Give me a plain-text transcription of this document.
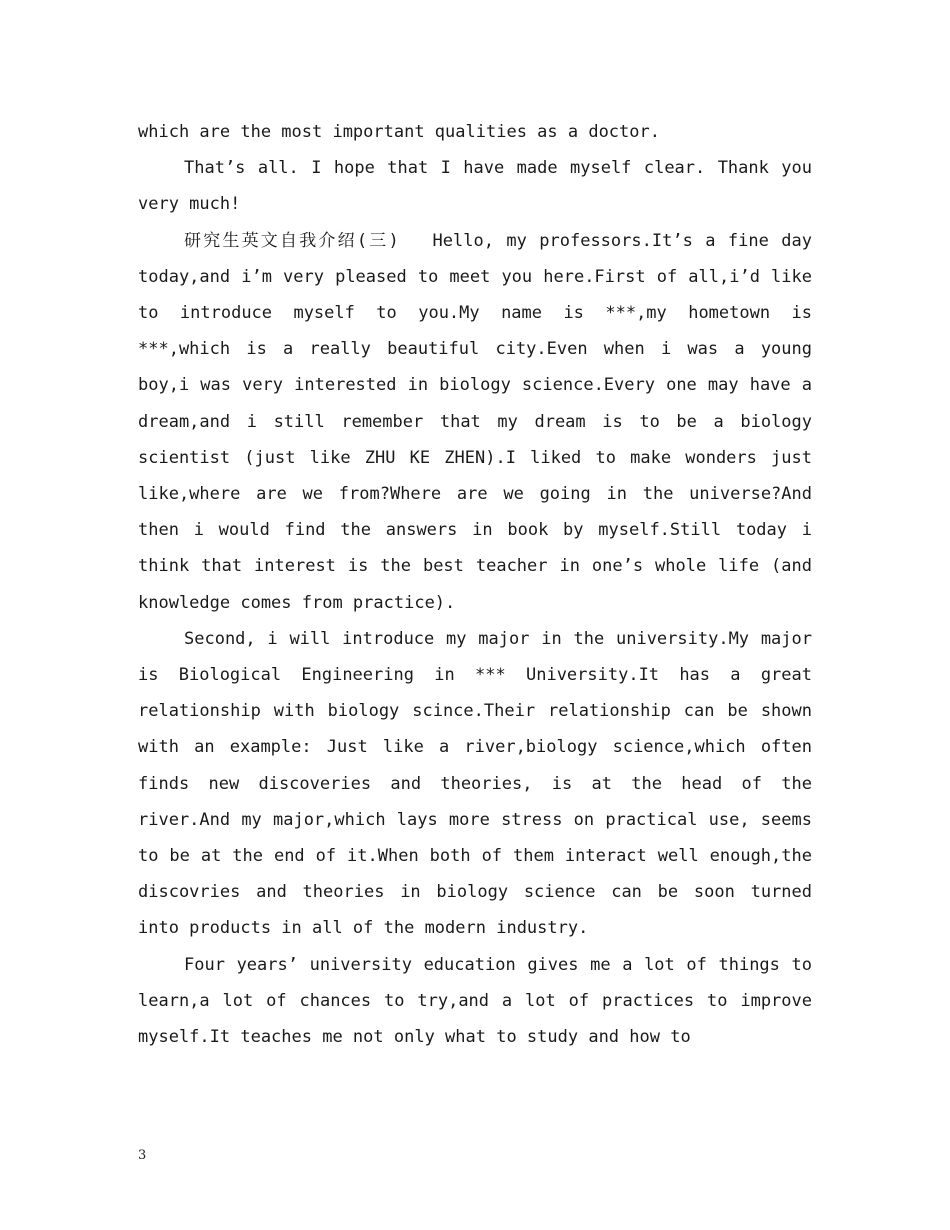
which are the most important qualities as a doctor.

That’s all. I hope that I have made myself clear. Thank you very much!

研究生英文自我介绍(三)　 Hello, my professors.It’s a fine day today,and i’m very pleased to meet you here.First of all,i’d like to introduce myself to you.My name is ***,my hometown is ***,which is a really beautiful city.Even when i was a young boy,i was very interested in biology science.Every one may have a dream,and i still remember that my dream is to be a biology scientist (just like ZHU KE ZHEN).I liked to make wonders just like,where are we from?Where are we going in the universe?And then i would find the answers in book by myself.Still today i think that interest is the best teacher in one’s whole life (and knowledge comes from practice).

Second, i will introduce my major in the university.My major is Biological Engineering in *** University.It has a great relationship with biology scince.Their relationship can be shown with an example: Just like a river,biology science,which often finds new discoveries and theories, is at the head of the river.And my major,which lays more stress on practical use, seems to be at the end of it.When both of them interact well enough,the discovries and theories in biology science can be soon turned into products in all of the modern industry.

Four years’ university education gives me a lot of things to learn,a lot of chances to try,and a lot of practices to improve myself.It teaches me not only what to study and how to

3
